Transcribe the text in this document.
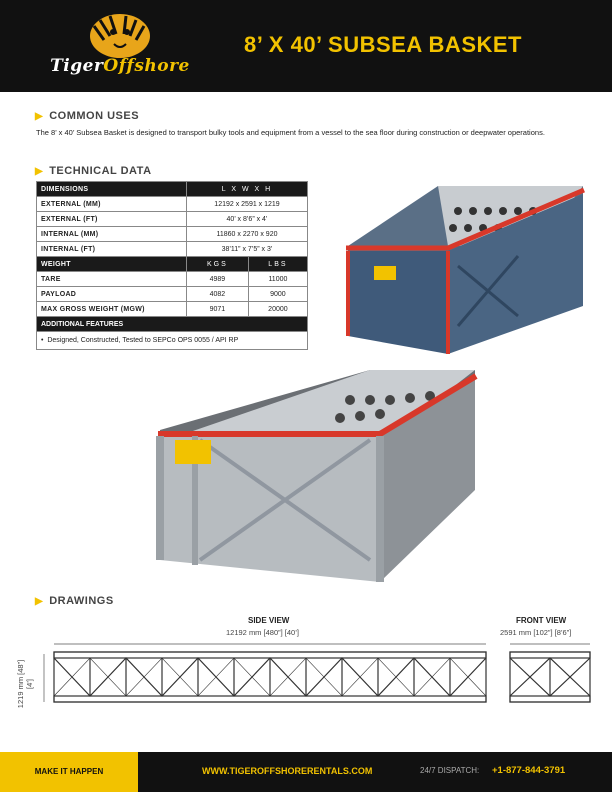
TigerOffshore
8’ X 40’ SUBSEA BASKET
▶ COMMON USES
The 8’ x 40’ Subsea Basket is designed to transport bulky tools and equipment from a vessel to the sea floor during construction or deepwater operations.
▶ TECHNICAL DATA
DIMENSIONS	L X W X H	
EXTERNAL (MM)	12192 x 2591 x 1219	
EXTERNAL (FT)	40’ x 8’6” x 4’	
INTERNAL (MM)	11860 x 2270 x 920	
INTERNAL (FT)	38’11” x 7’5” x 3’	
WEIGHT	KGS	LBS
TARE	4989	11000
PAYLOAD	4082	9000
MAX GROSS WEIGHT (MGW)	9071	20000
ADDITIONAL FEATURES		
•  Designed, Constructed, Tested to SEPCo OPS 0055 / API RP		
▶ DRAWINGS
SIDE VIEW
12192 mm [480”] [40’]
FRONT VIEW
2591 mm [102”] [8’6”]
1219 mm [48”] [4’]
MAKE IT HAPPEN	WWW.TIGEROFFSHORERENTALS.COM	24/7 DISPATCH: +1-877-844-3791
